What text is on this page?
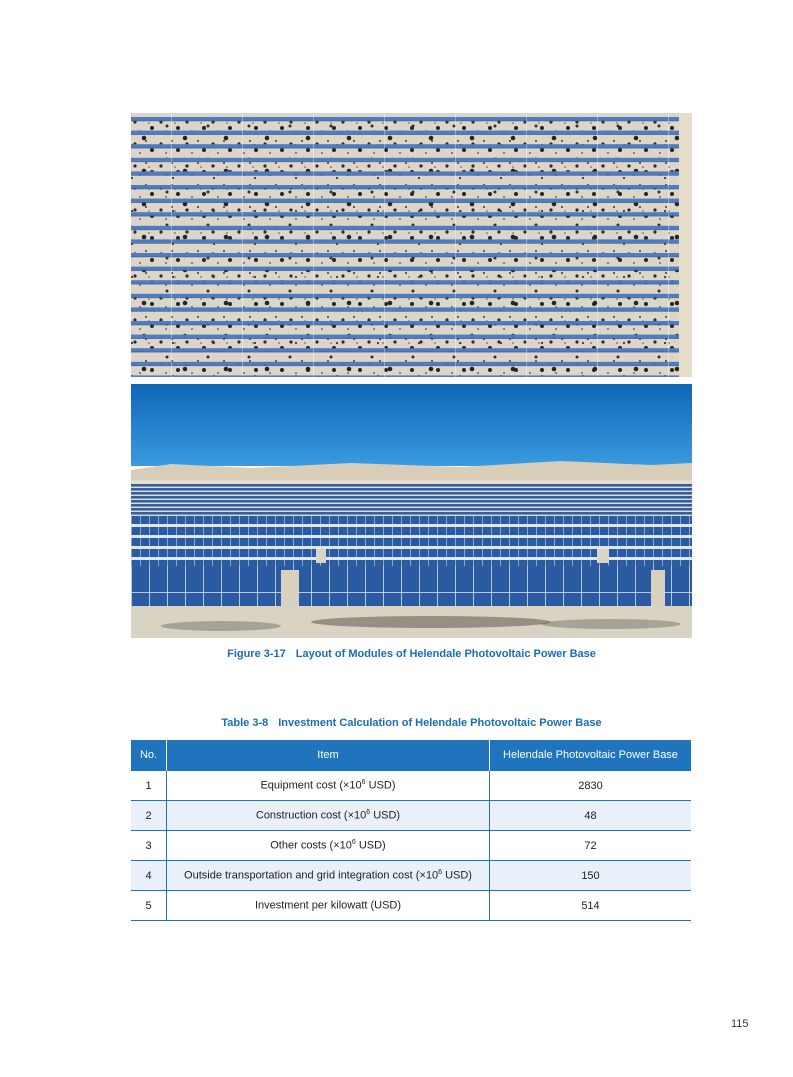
Figure 3-17 Layout of Modules of Helendale Photovoltaic Power Base
Table 3-8 Investment Calculation of Helendale Photovoltaic Power Base
No.	Item	Helendale Photovoltaic Power Base
1	Equipment cost ($\times 10^6$ USD)	2830
2	Construction cost ($\times 10^6$ USD)	48
3	Other costs ($\times 10^6$ USD)	72
4	Outside transportation and grid integration cost ($\times 10^6$ USD)	150
5	Investment per kilowatt (USD)	514
115
